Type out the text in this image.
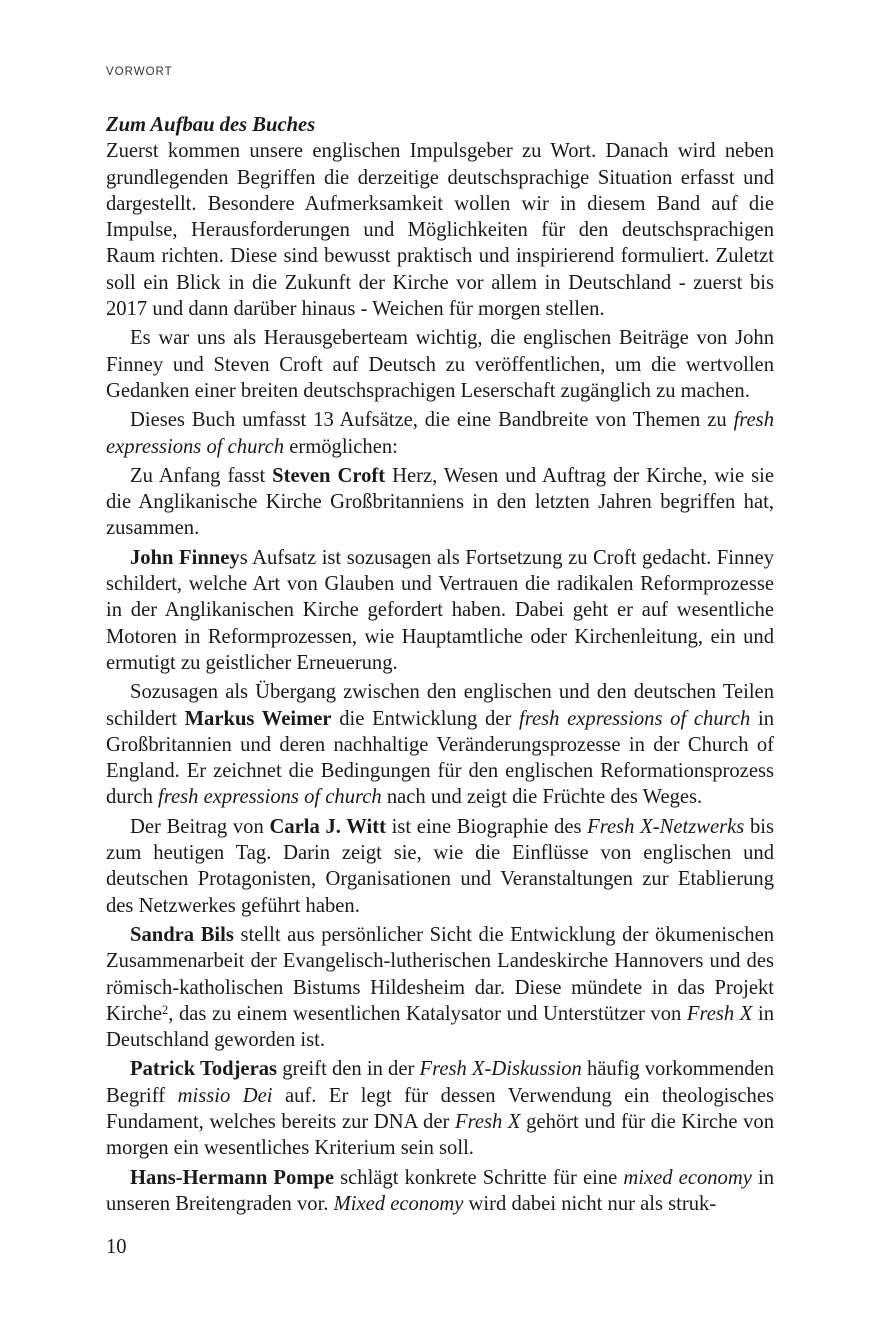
VORWORT
Zum Aufbau des Buches

Zuerst kommen unsere englischen Impulsgeber zu Wort. Danach wird neben grundlegenden Begriffen die derzeitige deutschsprachige Situation erfasst und dargestellt. Besondere Aufmerksamkeit wollen wir in diesem Band auf die Impulse, Herausforderungen und Möglichkeiten für den deutschsprachigen Raum richten. Diese sind bewusst praktisch und inspirierend formuliert. Zuletzt soll ein Blick in die Zukunft der Kirche vor allem in Deutschland - zuerst bis 2017 und dann darüber hinaus - Weichen für morgen stellen.

Es war uns als Herausgeberteam wichtig, die englischen Beiträge von John Finney und Steven Croft auf Deutsch zu veröffentlichen, um die wertvollen Gedanken einer breiten deutschsprachigen Leserschaft zugänglich zu machen.

Dieses Buch umfasst 13 Aufsätze, die eine Bandbreite von Themen zu fresh expressions of church ermöglichen:

Zu Anfang fasst Steven Croft Herz, Wesen und Auftrag der Kirche, wie sie die Anglikanische Kirche Großbritanniens in den letzten Jahren begriffen hat, zusammen.

John Finneys Aufsatz ist sozusagen als Fortsetzung zu Croft gedacht. Finney schildert, welche Art von Glauben und Vertrauen die radikalen Reformprozesse in der Anglikanischen Kirche gefordert haben. Dabei geht er auf wesentliche Motoren in Reformprozessen, wie Hauptamtliche oder Kirchenleitung, ein und ermutigt zu geistlicher Erneuerung.

Sozusagen als Übergang zwischen den englischen und den deutschen Teilen schildert Markus Weimer die Entwicklung der fresh expressions of church in Großbritannien und deren nachhaltige Veränderungsprozesse in der Church of England. Er zeichnet die Bedingungen für den englischen Reformationsprozess durch fresh expressions of church nach und zeigt die Früchte des Weges.

Der Beitrag von Carla J. Witt ist eine Biographie des Fresh X-Netzwerks bis zum heutigen Tag. Darin zeigt sie, wie die Einflüsse von englischen und deutschen Protagonisten, Organisationen und Veranstaltungen zur Etablierung des Netzwerkes geführt haben.

Sandra Bils stellt aus persönlicher Sicht die Entwicklung der ökumenischen Zusammenarbeit der Evangelisch-lutherischen Landeskirche Hannovers und des römisch-katholischen Bistums Hildesheim dar. Diese mündete in das Projekt Kirche$^2$, das zu einem wesentlichen Katalysator und Unterstützer von Fresh X in Deutschland geworden ist.

Patrick Todjeras greift den in der Fresh X-Diskussion häufig vorkommenden Begriff missio Dei auf. Er legt für dessen Verwendung ein theologisches Fundament, welches bereits zur DNA der Fresh X gehört und für die Kirche von morgen ein wesentliches Kriterium sein soll.

Hans-Hermann Pompe schlägt konkrete Schritte für eine mixed economy in unseren Breitengraden vor. Mixed economy wird dabei nicht nur als struk-

10
